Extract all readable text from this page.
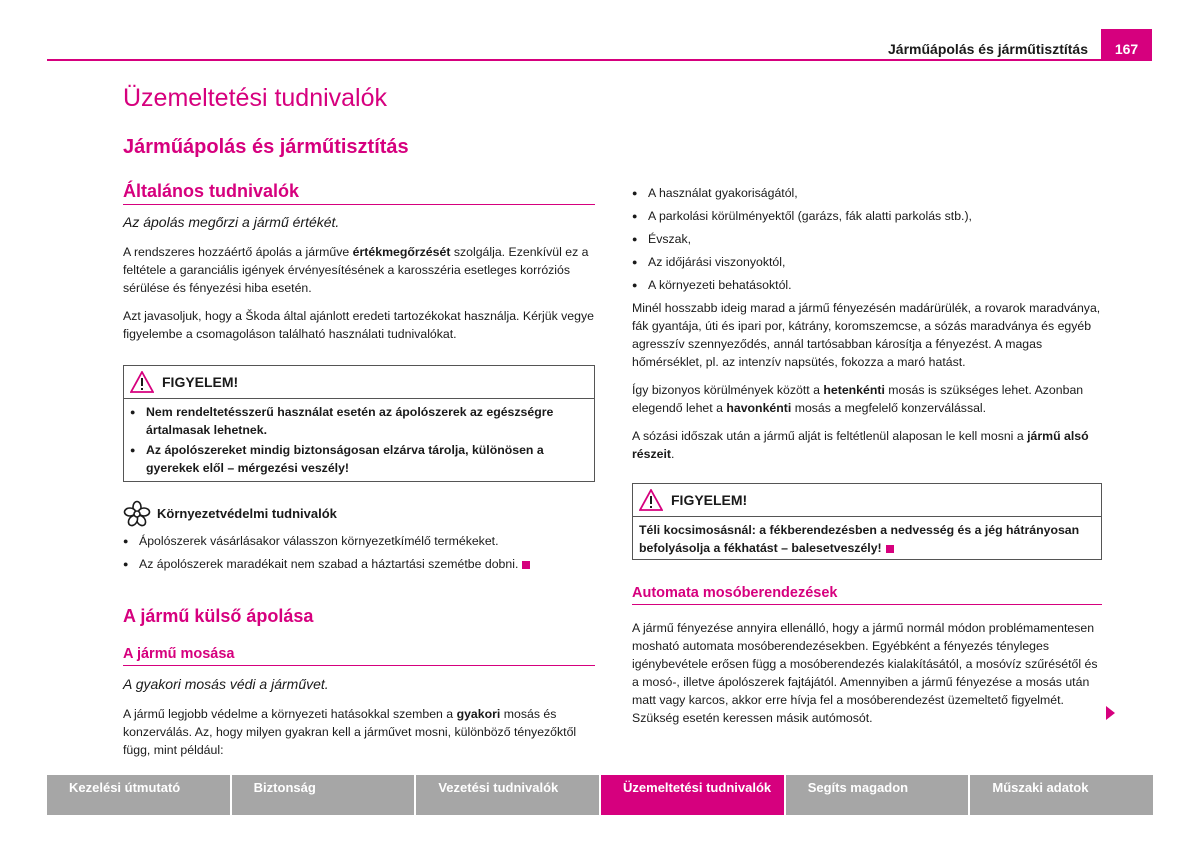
Járműápolás és járműtisztítás	167
Üzemeltetési tudnivalók
Járműápolás és járműtisztítás
Általános tudnivalók
Az ápolás megőrzi a jármű értékét.

A rendszeres hozzáértő ápolás a járműve értékmegőrzését szolgálja. Ezenkívül ez a feltétele a garanciális igények érvényesítésének a karosszéria esetleges korróziós sérülése és fényezési hiba esetén.

Azt javasoljuk, hogy a Škoda által ajánlott eredeti tartozékokat használja. Kérjük vegye figyelembe a csomagoláson található használati tudnivalókat.

FIGYELEM!
● Nem rendeltetésszerű használat esetén az ápolószerek az egészségre ártalmasak lehetnek.
● Az ápolószereket mindig biztonságosan elzárva tárolja, különösen a gyerekek elől – mérgezési veszély!
Környezetvédelmi tudnivalók
● Ápolószerek vásárlásakor válasszon környezetkímélő termékeket.
● Az ápolószerek maradékait nem szabad a háztartási szemétbe dobni.
A jármű külső ápolása
A jármű mosása
A gyakori mosás védi a járművet.

A jármű legjobb védelme a környezeti hatásokkal szemben a gyakori mosás és konzerválás. Az, hogy milyen gyakran kell a járművet mosni, különböző tényezőktől függ, mint például:

● A használat gyakoriságától,
● A parkolási körülményektől (garázs, fák alatti parkolás stb.),
● Évszak,
● Az időjárási viszonyoktól,
● A környezeti behatásoktól.

Minél hosszabb ideig marad a jármű fényezésén madárürülék, a rovarok maradványa, fák gyantája, úti és ipari por, kátrány, koromszemcse, a sózás maradványa és egyéb agresszív szennyeződés, annál tartósabban károsítja a fényezést. A magas hőmérséklet, pl. az intenzív napsütés, fokozza a maró hatást.

Így bizonyos körülmények között a hetenkénti mosás is szükséges lehet. Azonban elegendő lehet a havonkénti mosás a megfelelő konzerválással.

A sózási időszak után a jármű alját is feltétlenül alaposan le kell mosni a jármű alsó részeit.

FIGYELEM!
Téli kocsimosásnál: a fékberendezésben a nedvesség és a jég hátrányosan befolyásolja a fékhatást – balesetveszély!
Automata mosóberendezések

A jármű fényezése annyira ellenálló, hogy a jármű normál módon problémamentesen mosható automata mosóberendezésekben. Egyébként a fényezés tényleges igénybevétele erősen függ a mosóberendezés kialakításától, a mosóvíz szűrésétől és a mosó-, illetve ápolószerek fajtájától. Amennyiben a jármű fényezése a mosás után matt vagy karcos, akkor erre hívja fel a mosóberendezést üzemeltető figyelmét. Szükség esetén keressen másik autómosót.

Kezelési útmutató	Biztonság	Vezetési tudnivalók	Üzemeltetési tudnivalók	Segíts magadon	Műszaki adatok
